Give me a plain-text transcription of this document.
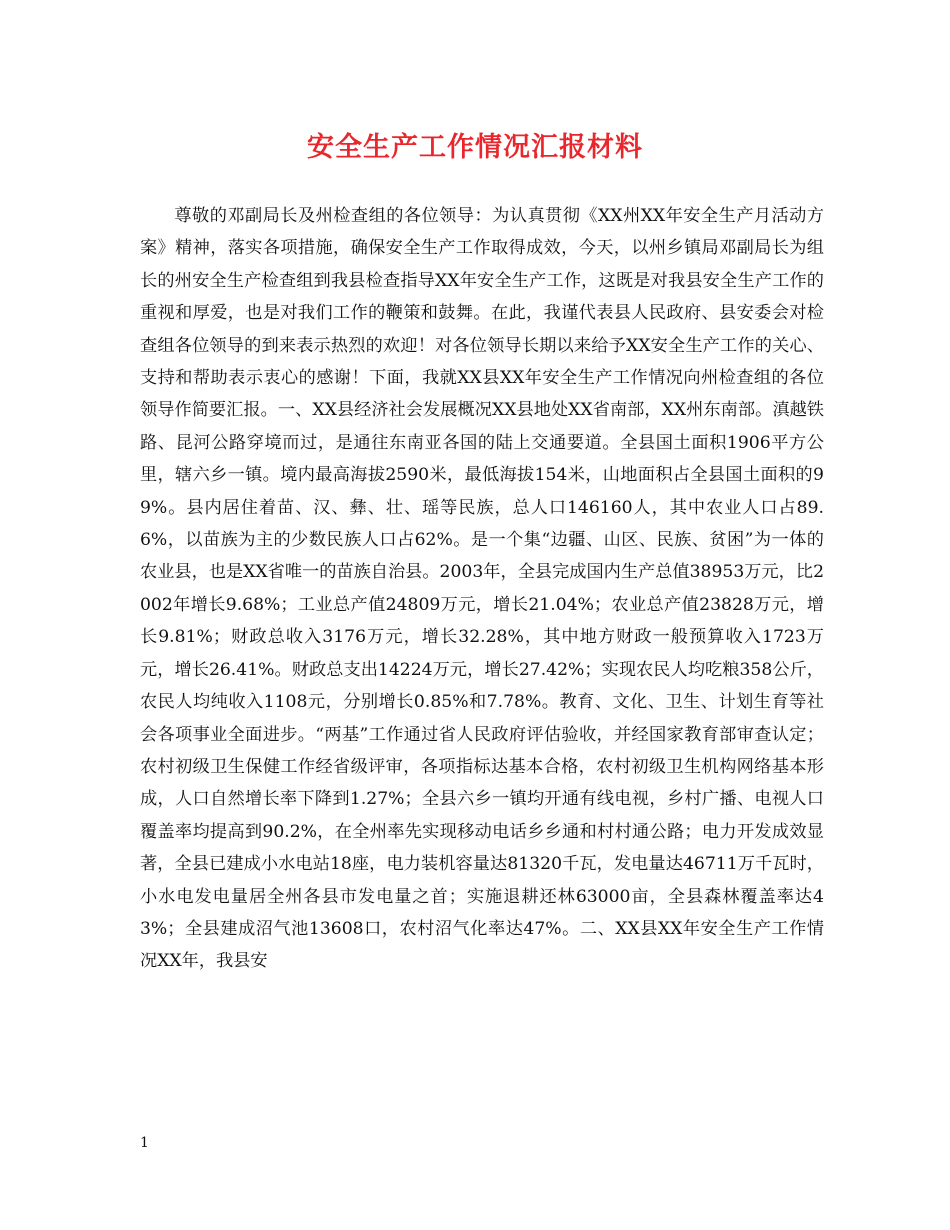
安全生产工作情况汇报材料
尊敬的邓副局长及州检查组的各位领导：为认真贯彻《XX州XX年安全生产月活动方案》精神，落实各项措施，确保安全生产工作取得成效，今天，以州乡镇局邓副局长为组长的州安全生产检查组到我县检查指导XX年安全生产工作，这既是对我县安全生产工作的重视和厚爱，也是对我们工作的鞭策和鼓舞。在此，我谨代表县人民政府、县安委会对检查组各位领导的到来表示热烈的欢迎！对各位领导长期以来给予XX安全生产工作的关心、支持和帮助表示衷心的感谢！下面，我就XX县XX年安全生产工作情况向州检查组的各位领导作简要汇报。一、XX县经济社会发展概况XX县地处XX省南部，XX州东南部。滇越铁路、昆河公路穿境而过，是通往东南亚各国的陆上交通要道。全县国土面积1906平方公里，辖六乡一镇。境内最高海拔2590米，最低海拔154米，山地面积占全县国土面积的99%。县内居住着苗、汉、彝、壮、瑶等民族，总人口146160人，其中农业人口占89.6%，以苗族为主的少数民族人口占62%。是一个集“边疆、山区、民族、贫困”为一体的农业县，也是XX省唯一的苗族自治县。2003年，全县完成国内生产总值38953万元，比2002年增长9.68%；工业总产值24809万元，增长21.04%；农业总产值23828万元，增长9.81%；财政总收入3176万元，增长32.28%，其中地方财政一般预算收入1723万元，增长26.41%。财政总支出14224万元，增长27.42%；实现农民人均吃粮358公斤，农民人均纯收入1108元，分别增长0.85%和7.78%。教育、文化、卫生、计划生育等社会各项事业全面进步。“两基”工作通过省人民政府评估验收，并经国家教育部审查认定；农村初级卫生保健工作经省级评审，各项指标达基本合格，农村初级卫生机构网络基本形成，人口自然增长率下降到1.27%；全县六乡一镇均开通有线电视，乡村广播、电视人口覆盖率均提高到90.2%，在全州率先实现移动电话乡乡通和村村通公路；电力开发成效显著，全县已建成小水电站18座，电力装机容量达81320千瓦，发电量达46711万千瓦时，小水电发电量居全州各县市发电量之首；实施退耕还林63000亩，全县森林覆盖率达43%；全县建成沼气池13608口，农村沼气化率达47%。二、XX县XX年安全生产工作情况XX年，我县安
1
